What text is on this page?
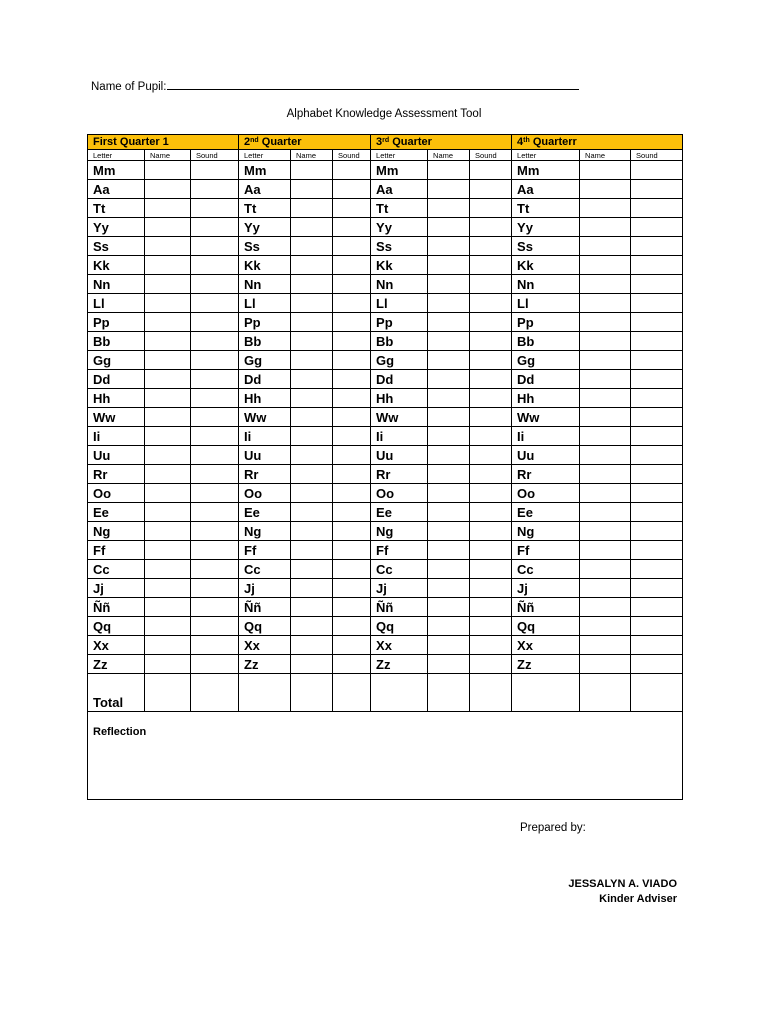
Name of Pupil:
Alphabet Knowledge Assessment Tool
First Quarter 1			2nd Quarter			3rd Quarter			4th Quarterr		
Letter	Name	Sound	Letter	Name	Sound	Letter	Name	Sound	Letter	Name	Sound
Mm			Mm			Mm			Mm		
Aa			Aa			Aa			Aa		
Tt			Tt			Tt			Tt		
Yy			Yy			Yy			Yy		
Ss			Ss			Ss			Ss		
Kk			Kk			Kk			Kk		
Nn			Nn			Nn			Nn		
Ll			Ll			Ll			Ll		
Pp			Pp			Pp			Pp		
Bb			Bb			Bb			Bb		
Gg			Gg			Gg			Gg		
Dd			Dd			Dd			Dd		
Hh			Hh			Hh			Hh		
Ww			Ww			Ww			Ww		
Ii			Ii			Ii			Ii		
Uu			Uu			Uu			Uu		
Rr			Rr			Rr			Rr		
Oo			Oo			Oo			Oo		
Ee			Ee			Ee			Ee		
Ng			Ng			Ng			Ng		
Ff			Ff			Ff			Ff		
Cc			Cc			Cc			Cc		
Jj			Jj			Jj			Jj		
Ññ			Ññ			Ññ			Ññ		
Qq			Qq			Qq			Qq		
Xx			Xx			Xx			Xx		
Zz			Zz			Zz			Zz		
Total											
Reflection											
Prepared by:
JESSALYN A. VIADO
Kinder Adviser
